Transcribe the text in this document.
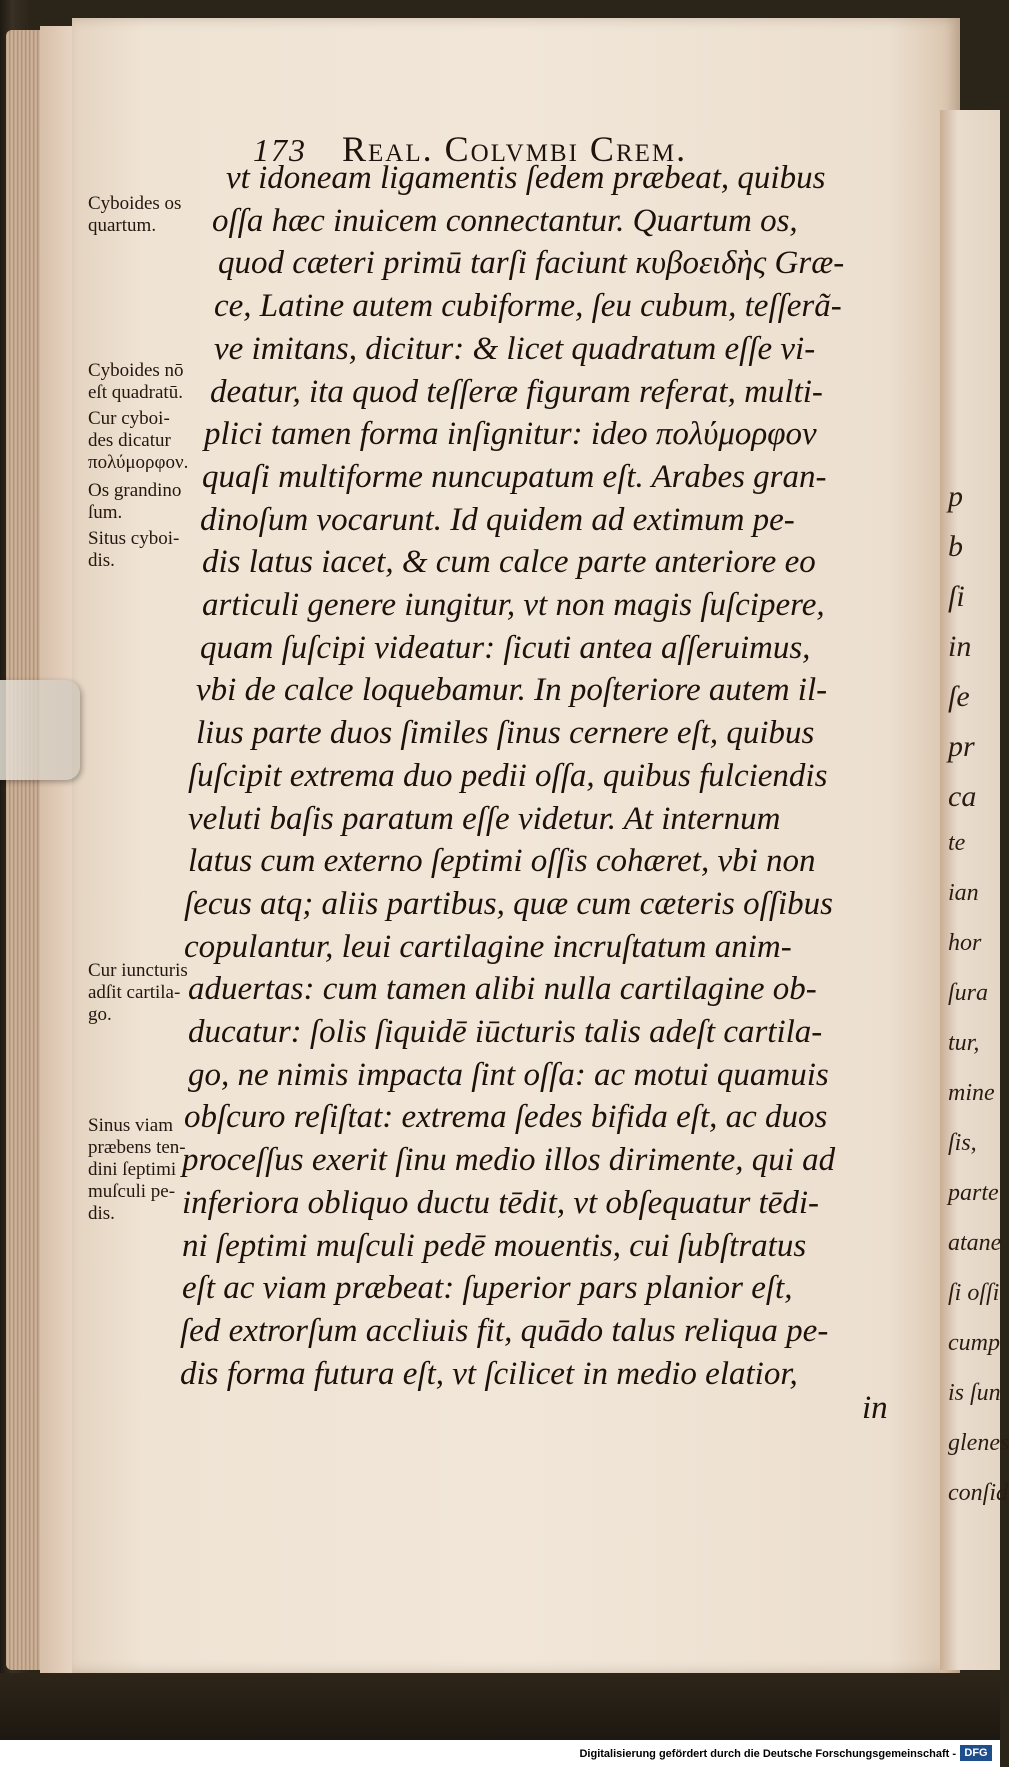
173 Real. Colvmbi Crem.
vt idoneam ligamentis ſedem præbeat, quibus
oſſa hæc inuicem connectantur. Quartum os,
quod cæteri primū tarſi faciunt κυβοειδὴς Græ-
ce, Latine autem cubiforme, ſeu cubum, teſſerã-
ve imitans, dicitur: & licet quadratum eſſe vi-
deatur, ita quod teſſeræ figuram referat, multi-
plici tamen forma inſignitur: ideo πολύμορφον
quaſi multiforme nuncupatum eſt. Arabes gran-
dinoſum vocarunt. Id quidem ad extimum pe-
dis latus iacet, & cum calce parte anteriore eo
articuli genere iungitur, vt non magis ſuſcipere,
quam ſuſcipi videatur: ſicuti antea aſſeruimus,
vbi de calce loquebamur. In poſteriore autem il-
lius parte duos ſimiles ſinus cernere eſt, quibus
ſuſcipit extrema duo pedii oſſa, quibus fulciendis
veluti baſis paratum eſſe videtur. At internum
latus cum externo ſeptimi oſſis cohæret, vbi non
ſecus atq; aliis partibus, quæ cum cæteris oſſibus
copulantur, leui cartilagine incruſtatum anim-
aduertas: cum tamen alibi nulla cartilagine ob-
ducatur: ſolis ſiquidē iūcturis talis adeſt cartila-
go, ne nimis impacta ſint oſſa: ac motui quamuis
obſcuro reſiſtat: extrema ſedes bifida eſt, ac duos
proceſſus exerit ſinu medio illos dirimente, qui ad
inferiora obliquo ductu tēdit, vt obſequatur tēdi-
ni ſeptimi muſculi pedē mouentis, cui ſubſtratus
eſt ac viam præbeat: ſuperior pars planior eſt,
ſed extrorſum accliuis fit, quādo talus reliqua pe-
dis forma futura eſt, vt ſcilicet in medio elatior,
Cyboides os
quartum.
Cyboides nō
eſt quadratū.
Cur cyboi-
des dicatur
πολύμορφον.
Os grandino
ſum.
Situs cyboi-
dis.
Cur iuncturis
adſit cartila-
go.
Sinus viam
præbens ten-
dini ſeptimi
muſculi pe-
dis.
in
p
b
ſi
in
ſe
pr
ca
te
ian
hor
ſura
tur,
mine
ſis,
parte
atane
ſi oſſi
cump
is ſun
glenes
conſid
Digitalisierung gefördert durch die Deutsche Forschungsgemeinschaft - DFG
